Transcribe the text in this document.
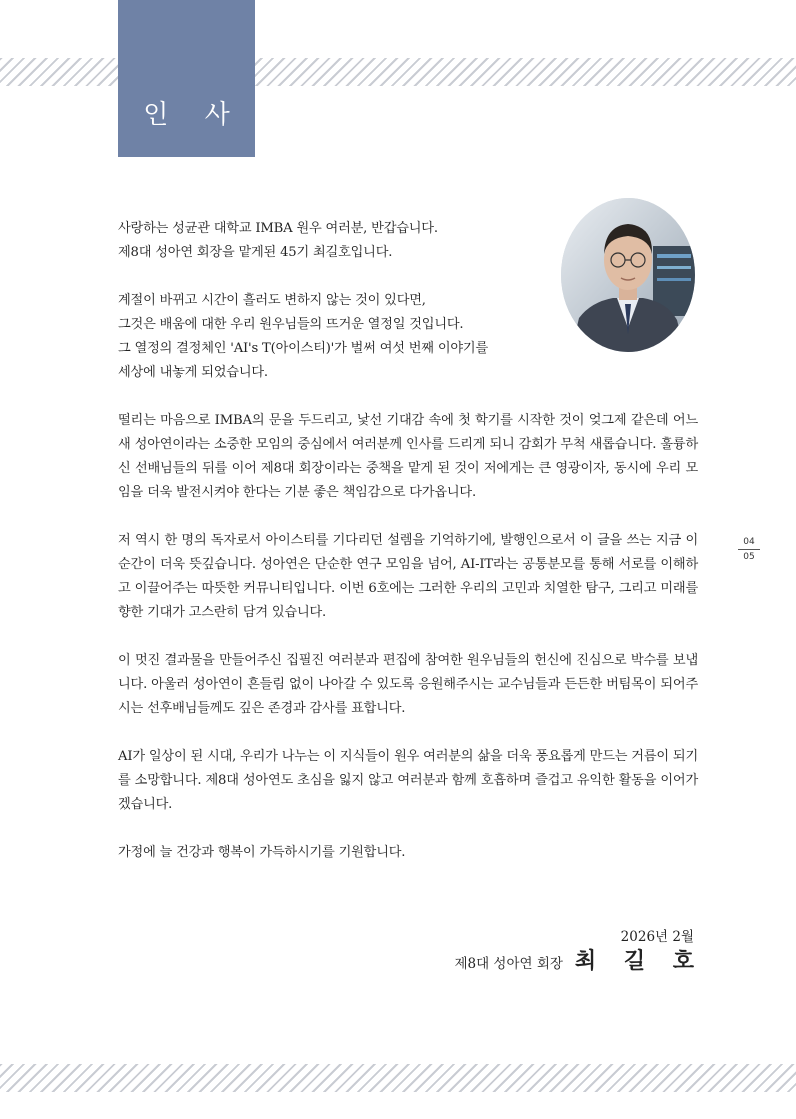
인 사

사랑하는 성균관 대학교 IMBA 원우 여러분, 반갑습니다.
제8대 성아연 회장을 맡게된 45기 최길호입니다.

계절이 바뀌고 시간이 흘러도 변하지 않는 것이 있다면,
그것은 배움에 대한 우리 원우님들의 뜨거운 열정일 것입니다.
그 열정의 결정체인 'AI's T(아이스티)'가 벌써 여섯 번째 이야기를
세상에 내놓게 되었습니다.

떨리는 마음으로 IMBA의 문을 두드리고, 낯선 기대감 속에 첫 학기를 시작한 것이 엊그제 같은데 어느새 성아연이라는 소중한 모임의 중심에서 여러분께 인사를 드리게 되니 감회가 무척 새롭습니다. 훌륭하신 선배님들의 뒤를 이어 제8대 회장이라는 중책을 맡게 된 것이 저에게는 큰 영광이자, 동시에 우리 모임을 더욱 발전시켜야 한다는 기분 좋은 책임감으로 다가옵니다.

저 역시 한 명의 독자로서 아이스티를 기다리던 설렘을 기억하기에, 발행인으로서 이 글을 쓰는 지금 이 순간이 더욱 뜻깊습니다. 성아연은 단순한 연구 모임을 넘어, AI-IT라는 공통분모를 통해 서로를 이해하고 이끌어주는 따뜻한 커뮤니티입니다. 이번 6호에는 그러한 우리의 고민과 치열한 탐구, 그리고 미래를 향한 기대가 고스란히 담겨 있습니다.

이 멋진 결과물을 만들어주신 집필진 여러분과 편집에 참여한 원우님들의 헌신에 진심으로 박수를 보냅니다. 아울러 성아연이 흔들림 없이 나아갈 수 있도록 응원해주시는 교수님들과 든든한 버팀목이 되어주시는 선후배님들께도 깊은 존경과 감사를 표합니다.

AI가 일상이 된 시대, 우리가 나누는 이 지식들이 원우 여러분의 삶을 더욱 풍요롭게 만드는 거름이 되기를 소망합니다. 제8대 성아연도 초심을 잃지 않고 여러분과 함께 호흡하며 즐겁고 유익한 활동을 이어가겠습니다.

가정에 늘 건강과 행복이 가득하시기를 기원합니다.

04
05
2026년 2월
제8대 성아연 회장 최 길 호
